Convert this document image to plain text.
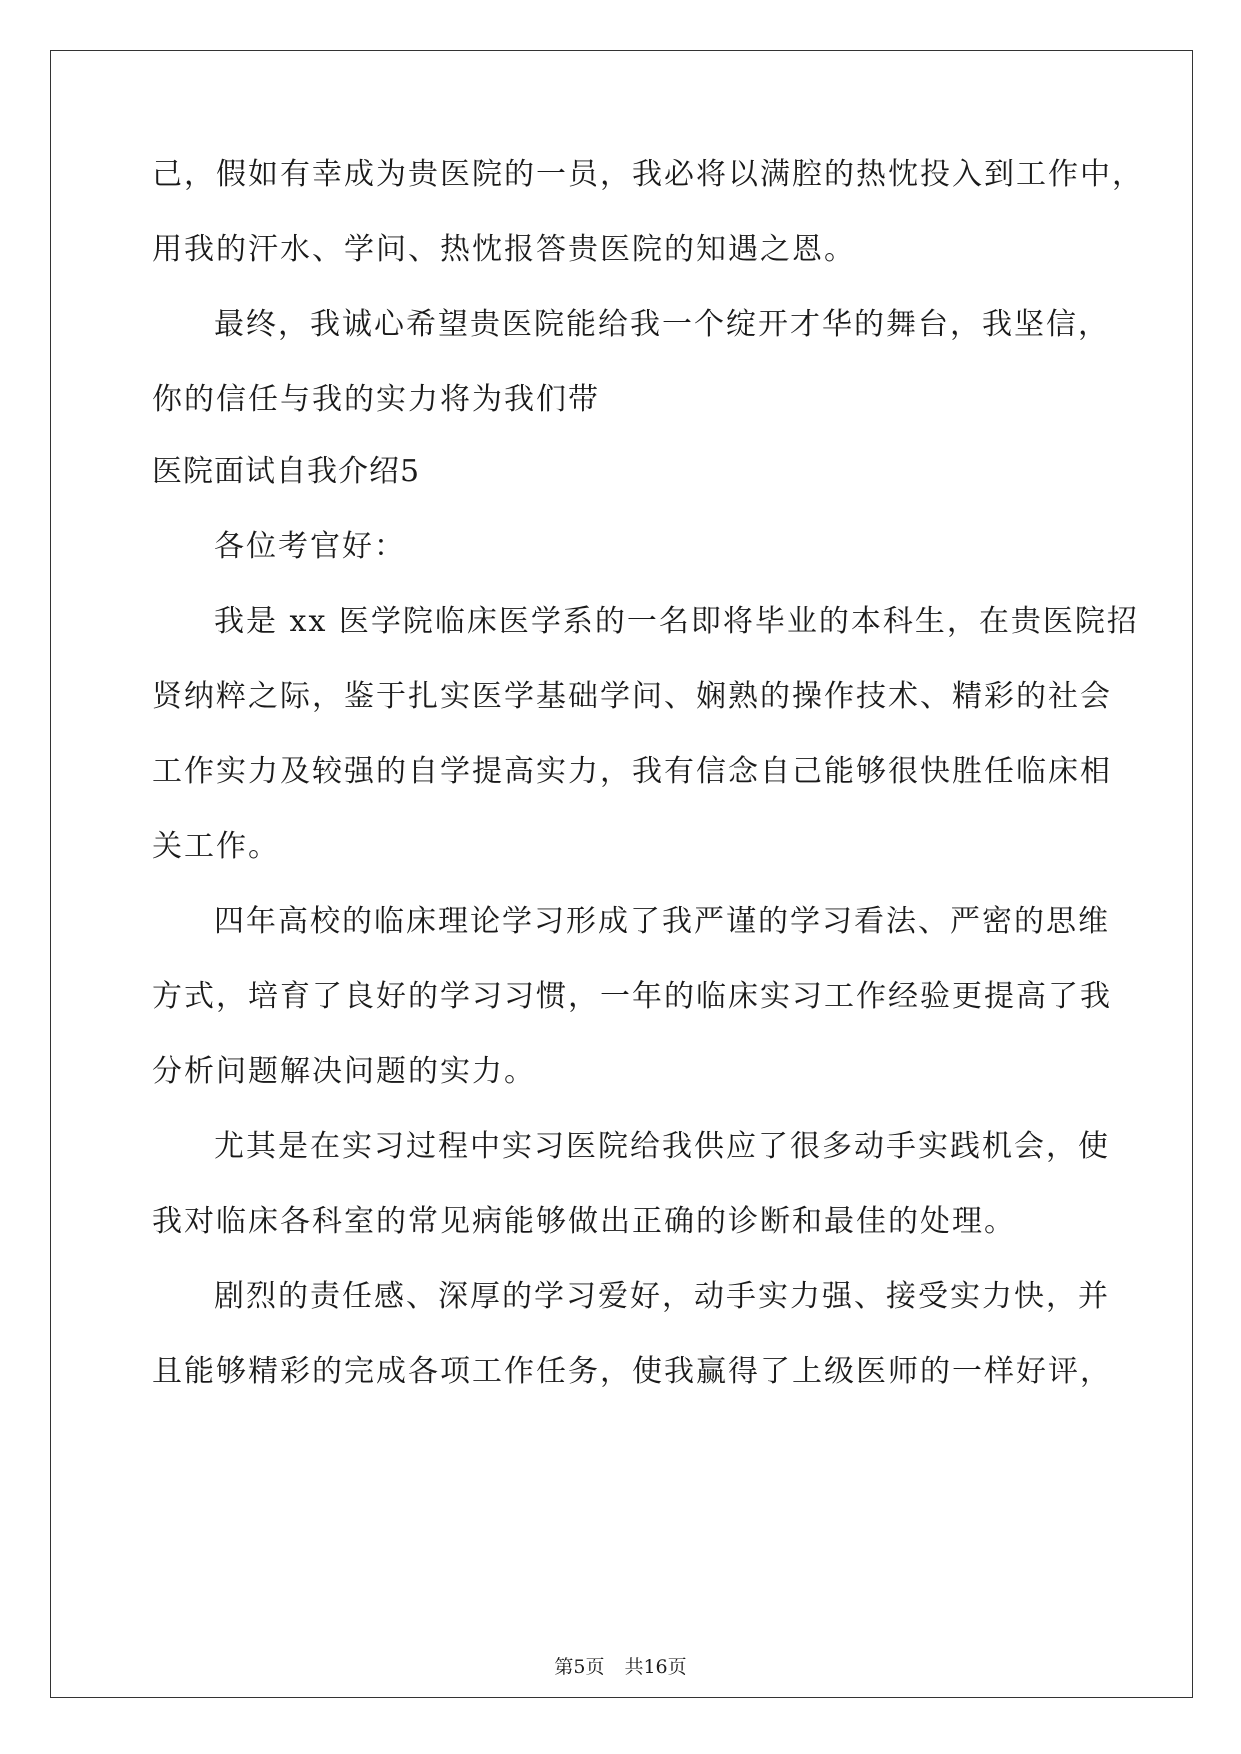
己，假如有幸成为贵医院的一员，我必将以满腔的热忱投入到工作中，
用我的汗水、学问、热忱报答贵医院的知遇之恩。
最终，我诚心希望贵医院能给我一个绽开才华的舞台，我坚信，
你的信任与我的实力将为我们带
医院面试自我介绍5
各位考官好：
我是 xx 医学院临床医学系的一名即将毕业的本科生，在贵医院招
贤纳粹之际，鉴于扎实医学基础学问、娴熟的操作技术、精彩的社会
工作实力及较强的自学提高实力，我有信念自己能够很快胜任临床相
关工作。
四年高校的临床理论学习形成了我严谨的学习看法、严密的思维
方式，培育了良好的学习习惯，一年的临床实习工作经验更提高了我
分析问题解决问题的实力。
尤其是在实习过程中实习医院给我供应了很多动手实践机会，使
我对临床各科室的常见病能够做出正确的诊断和最佳的处理。
剧烈的责任感、深厚的学习爱好，动手实力强、接受实力快，并
且能够精彩的完成各项工作任务，使我赢得了上级医师的一样好评，
第5页 共16页
